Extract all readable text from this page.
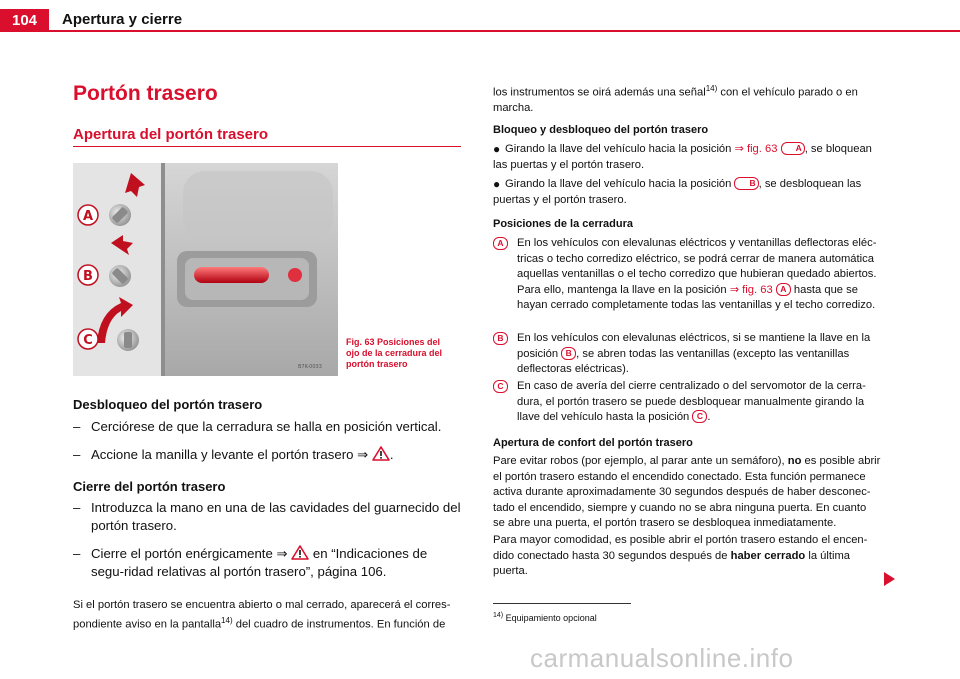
104	Apertura y cierre
Portón trasero
Apertura del portón trasero
B7K-0033
A
B
C	Fig. 63 Posiciones del
ojo de la cerradura del
portón trasero
Desbloqueo del portón trasero
– Cerciórese de que la cerradura se halla en posición vertical.
– Accione la manilla y levante el portón trasero ⇒ .
Cierre del portón trasero
– Introduzca la mano en una de las cavidades del guarnecido del portón trasero.
– Cierre el portón enérgicamente ⇒ en “Indicaciones de segu-ridad relativas al portón trasero”, página 106.
Si el portón trasero se encuentra abierto o mal cerrado, aparecerá el corres-pondiente aviso en la pantalla$^{14)}$ del cuadro de instrumentos. En función de
los instrumentos se oirá además una señal$^{14)}$ con el vehículo parado o en marcha.
Bloqueo y desbloqueo del portón trasero
● Girando la llave del vehículo hacia la posición ⇒ fig. 63 A , se bloquean las puertas y el portón trasero.
● Girando la llave del vehículo hacia la posición B , se desbloquean las puertas y el portón trasero.
Posiciones de la cerradura
A	En los vehículos con elevalunas eléctricos y ventanillas deflectoras eléc-tricas o techo corredizo eléctrico, se podrá cerrar de manera automática aquellas ventanillas o el techo corredizo que hubieran quedado abiertos. Para ello, mantenga la llave en la posición ⇒ fig. 63 A hasta que se hayan cerrado completamente todas las ventanillas y el techo corredizo.
B	En los vehículos con elevalunas eléctricos, si se mantiene la llave en la posición B , se abren todas las ventanillas (excepto las ventanillas deflectoras eléctricas).
C	En caso de avería del cierre centralizado o del servomotor de la cerra-dura, el portón trasero se puede desbloquear manualmente girando la llave del vehículo hasta la posición C .
Apertura de confort del portón trasero
Pare evitar robos (por ejemplo, al parar ante un semáforo), no es posible abrir el portón trasero estando el encendido conectado. Esta función permanece activa durante aproximadamente 30 segundos después de haber desconec-tado el encendido, siempre y cuando no se abra ninguna puerta. En cuanto se abre una puerta, el portón trasero se desbloquea inmediatamente.
Para mayor comodidad, es posible abrir el portón trasero estando el encen-dido conectado hasta 30 segundos después de haber cerrado la última puerta.
$^{14)}$ Equipamiento opcional
carmanualsonline.info
